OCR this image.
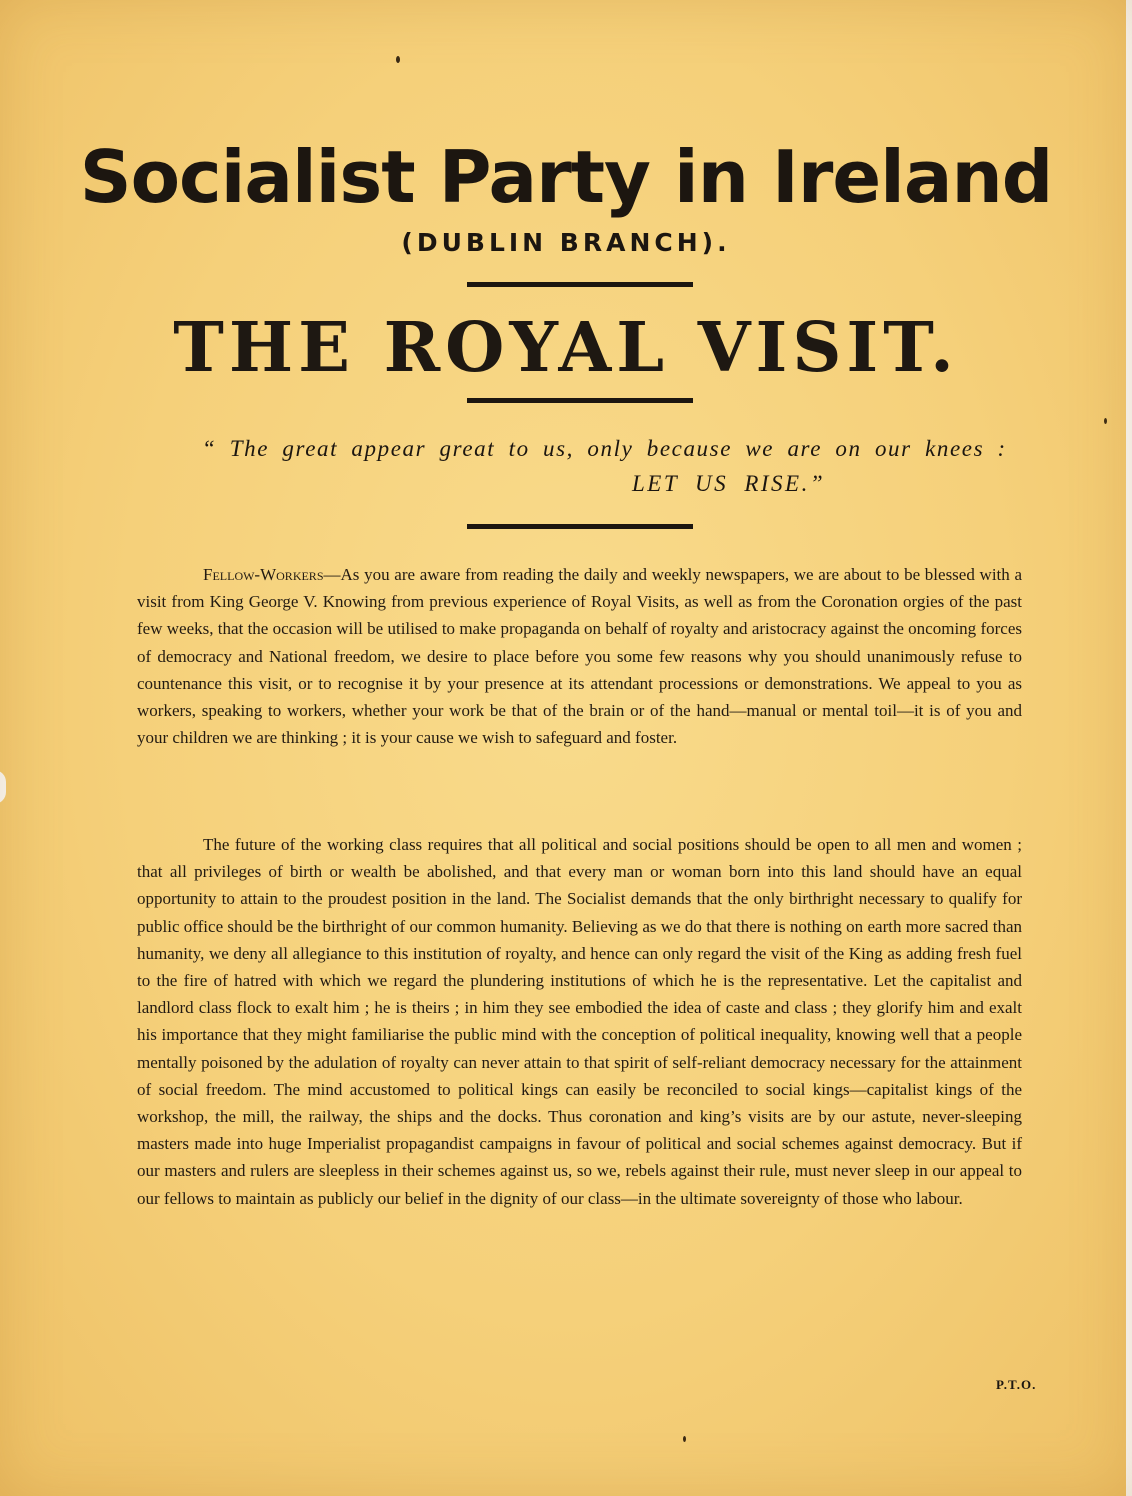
Socialist Party in Ireland
(DUBLIN BRANCH).
THE ROYAL VISIT.
“ The great appear great to us, only because we are on our knees :
LET US RISE.”

Fellow-Workers—As you are aware from reading the daily and weekly newspapers, we are about to be blessed with a visit from King George V. Knowing from previous experience of Royal Visits, as well as from the Coronation orgies of the past few weeks, that the occasion will be utilised to make propaganda on behalf of royalty and aristocracy against the oncoming forces of democracy and National freedom, we desire to place before you some few reasons why you should unanimously refuse to countenance this visit, or to recognise it by your presence at its attendant processions or demonstrations. We appeal to you as workers, speaking to workers, whether your work be that of the brain or of the hand—manual or mental toil—it is of you and your children we are thinking ; it is your cause we wish to safeguard and foster.

The future of the working class requires that all political and social positions should be open to all men and women ; that all privileges of birth or wealth be abolished, and that every man or woman born into this land should have an equal opportunity to attain to the proudest position in the land. The Socialist demands that the only birthright necessary to qualify for public office should be the birthright of our common humanity. Believing as we do that there is nothing on earth more sacred than humanity, we deny all allegiance to this institution of royalty, and hence can only regard the visit of the King as adding fresh fuel to the fire of hatred with which we regard the plundering institutions of which he is the representative. Let the capitalist and landlord class flock to exalt him ; he is theirs ; in him they see embodied the idea of caste and class ; they glorify him and exalt his importance that they might familiarise the public mind with the conception of political inequality, knowing well that a people mentally poisoned by the adulation of royalty can never attain to that spirit of self-reliant democracy necessary for the attainment of social freedom. The mind accustomed to political kings can easily be reconciled to social kings—capitalist kings of the workshop, the mill, the railway, the ships and the docks. Thus coronation and king’s visits are by our astute, never-sleeping masters made into huge Imperialist propagandist campaigns in favour of political and social schemes against democracy. But if our masters and rulers are sleepless in their schemes against us, so we, rebels against their rule, must never sleep in our appeal to our fellows to maintain as publicly our belief in the dignity of our class—in the ultimate sovereignty of those who labour.

P.T.O.
